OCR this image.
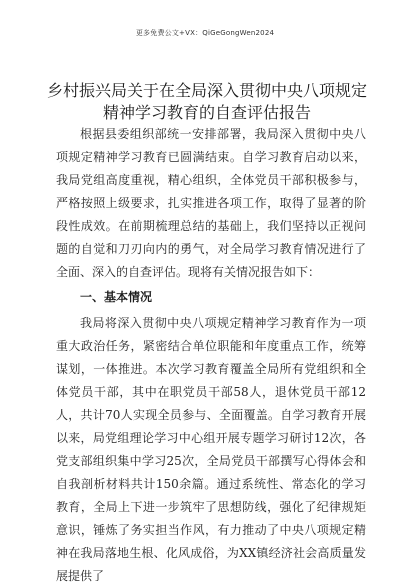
更多免费公文+VX：QiGeGongWen2024
乡村振兴局关于在全局深入贯彻中央八项规定精神学习教育的自查评估报告

根据县委组织部统一安排部署，我局深入贯彻中央八项规定精神学习教育已圆满结束。自学习教育启动以来，我局党组高度重视，精心组织，全体党员干部积极参与，严格按照上级要求，扎实推进各项工作，取得了显著的阶段性成效。在前期梳理总结的基础上，我们坚持以正视问题的自觉和刀刃向内的勇气，对全局学习教育情况进行了全面、深入的自查评估。现将有关情况报告如下：

一、基本情况

我局将深入贯彻中央八项规定精神学习教育作为一项重大政治任务，紧密结合单位职能和年度重点工作，统筹谋划，一体推进。本次学习教育覆盖全局所有党组织和全体党员干部，其中在职党员干部58人，退休党员干部12人，共计70人实现全员参与、全面覆盖。自学习教育开展以来，局党组理论学习中心组开展专题学习研讨12次，各党支部组织集中学习25次，全局党员干部撰写心得体会和自我剖析材料共计150余篇。通过系统性、常态化的学习教育，全局上下进一步筑牢了思想防线，强化了纪律规矩意识，锤炼了务实担当作风，有力推动了中央八项规定精神在我局落地生根、化风成俗，为XX镇经济社会高质量发展提供了
